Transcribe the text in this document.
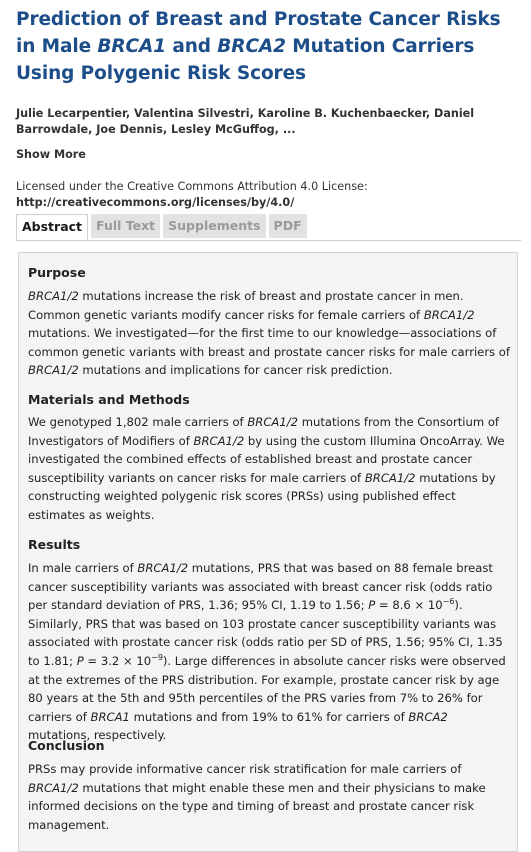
Prediction of Breast and Prostate Cancer Risks in Male BRCA1 and BRCA2 Mutation Carriers Using Polygenic Risk Scores

Julie Lecarpentier, Valentina Silvestri, Karoline B. Kuchenbaecker, Daniel Barrowdale, Joe Dennis, Lesley McGuffog, ...

Show More

Licensed under the Creative Commons Attribution 4.0 License: http://creativecommons.org/licenses/by/4.0/

Abstract	Full Text	Supplements	PDF
Purpose

BRCA1/2 mutations increase the risk of breast and prostate cancer in men. Common genetic variants modify cancer risks for female carriers of BRCA1/2 mutations. We investigated—for the first time to our knowledge—associations of common genetic variants with breast and prostate cancer risks for male carriers of BRCA1/2 mutations and implications for cancer risk prediction.

Materials and Methods

We genotyped 1,802 male carriers of BRCA1/2 mutations from the Consortium of Investigators of Modifiers of BRCA1/2 by using the custom Illumina OncoArray. We investigated the combined effects of established breast and prostate cancer susceptibility variants on cancer risks for male carriers of BRCA1/2 mutations by constructing weighted polygenic risk scores (PRSs) using published effect estimates as weights.

Results

In male carriers of BRCA1/2 mutations, PRS that was based on 88 female breast cancer susceptibility variants was associated with breast cancer risk (odds ratio per standard deviation of PRS, 1.36; 95% CI, 1.19 to 1.56; $P = 8.6 \times 10^{-6}$). Similarly, PRS that was based on 103 prostate cancer susceptibility variants was associated with prostate cancer risk (odds ratio per SD of PRS, 1.56; 95% CI, 1.35 to 1.81; $P = 3.2 \times 10^{-9}$). Large differences in absolute cancer risks were observed at the extremes of the PRS distribution. For example, prostate cancer risk by age 80 years at the 5th and 95th percentiles of the PRS varies from 7% to 26% for carriers of BRCA1 mutations and from 19% to 61% for carriers of BRCA2 mutations, respectively.

Conclusion

PRSs may provide informative cancer risk stratification for male carriers of BRCA1/2 mutations that might enable these men and their physicians to make informed decisions on the type and timing of breast and prostate cancer risk management.
